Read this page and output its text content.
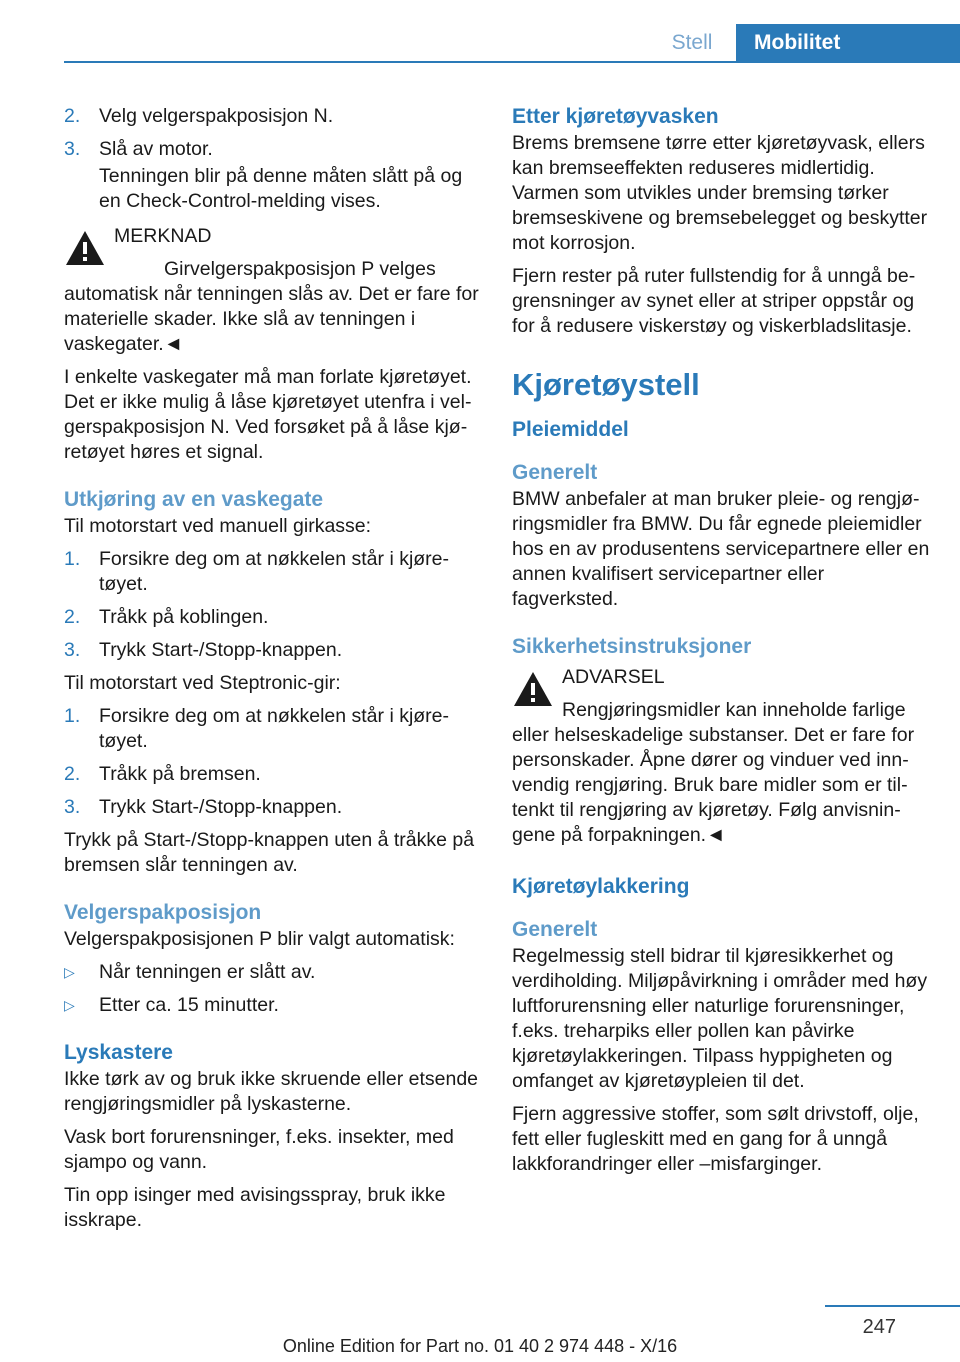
Stell	Mobilitet
2. Velg velgerspakposisjon N.
3. Slå av motor.
Tenningen blir på denne måten slått på og en Check-Control-melding vises.
MERKNAD
Girvelgerspakposisjon P velges automatisk når tenningen slås av. Det er fare for materielle skader. Ikke slå av tenningen i vaskegater.◄

I enkelte vaskegater må man forlate kjøretøyet. Det er ikke mulig å låse kjøretøyet utenfra i velgerspakposisjon N. Ved forsøket på å låse kjøretøyet høres et signal.

Utkjøring av en vaskegate

Til motorstart ved manuell girkasse:

1. Forsikre deg om at nøkkelen står i kjøretøyet.
2. Tråkk på koblingen.
3. Trykk Start-/Stopp-knappen.

Til motorstart ved Steptronic-gir:

1. Forsikre deg om at nøkkelen står i kjøretøyet.
2. Tråkk på bremsen.
3. Trykk Start-/Stopp-knappen.

Trykk på Start-/Stopp-knappen uten å tråkke på bremsen slår tenningen av.

Velgerspakposisjon

Velgerspakposisjonen P blir valgt automatisk:

▷ Når tenningen er slått av.
▷ Etter ca. 15 minutter.
Lyskastere

Ikke tørk av og bruk ikke skruende eller etsende rengjøringsmidler på lyskasterne.

Vask bort forurensninger, f.eks. insekter, med sjampo og vann.

Tin opp isinger med avisingsspray, bruk ikke isskrape.

Etter kjøretøyvasken

Brems bremsene tørre etter kjøretøyvask, ellers kan bremseeffekten reduseres midlertidig. Varmen som utvikles under bremsing tørker bremseskivene og bremsebelegget og beskytter mot korrosjon.

Fjern rester på ruter fullstendig for å unngå begrensninger av synet eller at striper oppstår og for å redusere viskerstøy og viskerbladslitasje.

Kjøretøystell
Pleiemiddel
Generelt

BMW anbefaler at man bruker pleie- og rengjøringsmidler fra BMW. Du får egnede pleiemidler hos en av produsentens servicepartnere eller en annen kvalifisert servicepartner eller fagverksted.

Sikkerhetsinstruksjoner
ADVARSEL
Rengjøringsmidler kan inneholde farlige eller helseskadelige substanser. Det er fare for personskader. Åpne dører og vinduer ved innvendig rengjøring. Bruk bare midler som er tiltenkt til rengjøring av kjøretøy. Følg anvisningene på forpakningen.◄
Kjøretøylakkering
Generelt

Regelmessig stell bidrar til kjøresikkerhet og verdiholding. Miljøpåvirkning i områder med høy luftforurensning eller naturlige forurensninger, f.eks. treharpiks eller pollen kan påvirke kjøretøylakkeringen. Tilpass hyppigheten og omfanget av kjøretøypleien til det.

Fjern aggressive stoffer, som sølt drivstoff, olje, fett eller fugleskitt med en gang for å unngå lakkforandringer eller –misfarginger.

247
Online Edition for Part no. 01 40 2 974 448 - X/16
